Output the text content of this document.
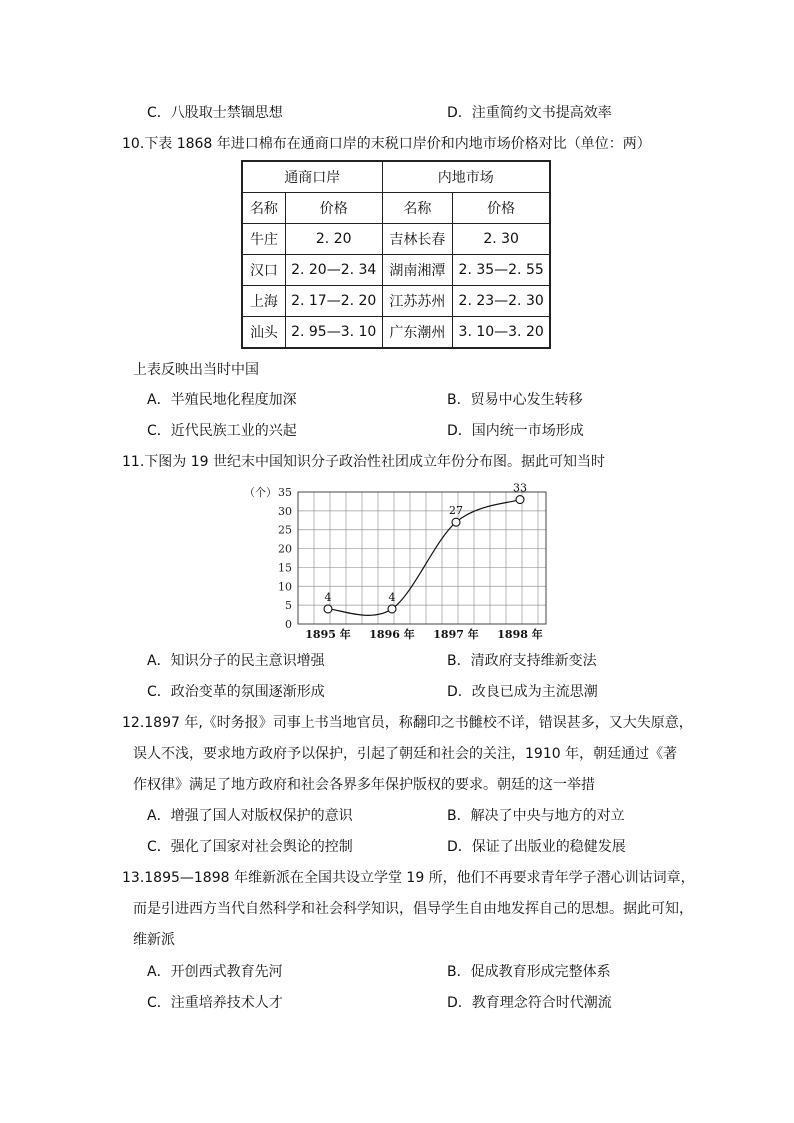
C．八股取士禁锢思想	D．注重简约文书提高效率
10.下表 1868 年进口棉布在通商口岸的末税口岸价和内地市场价格对比（单位：两）
通商口岸		内地市场	
名称	价格	名称	价格
牛庄	2. 20	吉林长春	2. 30
汉口	2. 20—2. 34	湖南湘潭	2. 35—2. 55
上海	2. 17—2. 20	江苏苏州	2. 23—2. 30
汕头	2. 95—3. 10	广东潮州	3. 10—3. 20
上表反映出当时中国
A．半殖民地化程度加深	B．贸易中心发生转移
C．近代民族工业的兴起	D．国内统一市场形成
11.下图为 19 世纪末中国知识分子政治性社团成立年份分布图。据此可知当时
0
5
10
15
20
25
30
35
（个）
4
1895 年
4
1896 年
27
1897 年
33
1898 年
A．知识分子的民主意识增强	B．清政府支持维新变法
C．政治变革的氛围逐渐形成	D．改良已成为主流思潮
12.1897 年,《时务报》司事上书当地官员，称翻印之书雠校不详，错误甚多，又大失原意，
误人不浅，要求地方政府予以保护，引起了朝廷和社会的关注，1910 年，朝廷通过《著
作权律》满足了地方政府和社会各界多年保护版权的要求。朝廷的这一举措
A．增强了国人对版权保护的意识	B．解决了中央与地方的对立
C．强化了国家对社会舆论的控制	D．保证了出版业的稳健发展
13.1895—1898 年维新派在全国共设立学堂 19 所，他们不再要求青年学子潜心训诂词章，
而是引进西方当代自然科学和社会科学知识，倡导学生自由地发挥自己的思想。据此可知，
维新派
A．开创西式教育先河	B．促成教育形成完整体系
C．注重培养技术人才	D．教育理念符合时代潮流
